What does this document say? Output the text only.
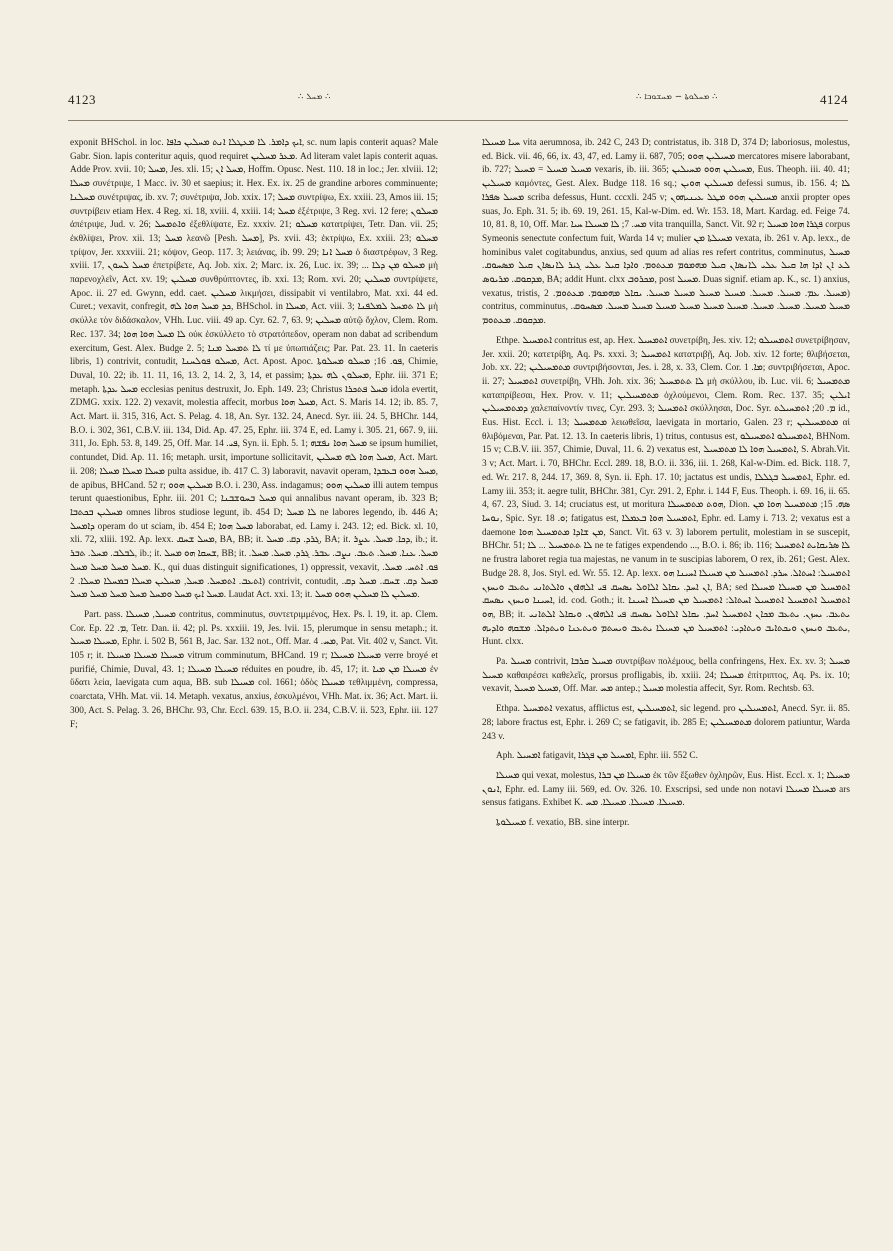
4123	∴ ܡܚܠ ∴	∴ ܡܚܠܘܬܐ − ܡܚܫܘܒܐ ∴	4124

exponit BHSchol. in loc. ܐܝܟ ܕܐܡܪ. ܠܐ ܡܥܛܠܐ ܐܢܬ ܡܚܠܝܢ ܟܐܦܐ, sc. num lapis conterit aquas? Male Gabr. Sion. lapis conteritur aquis, quod requiret ܡܥܪ ܡܚܠܝܢ. Ad literam valet lapis conterit aquas. Adde Prov. xvii. 10; ܡܚܠ, Jes. xli. 15; ܡܚܠ ܐܢ, Hoffm. Opusc. Nest. 110. 18 in loc.; Jer. xlviii. 12; ܡܚܠܐ συνέτριψε, 1 Macc. iv. 30 et saepius; it. Hex. Ex. ix. 25 de grandine arbores comminuente; ܡܚܠܢܐ συνέτριψας, ib. xv. 7; συνέτριψα, Job. xxix. 17; ܡܚܠ συντρίψω, Ex. xxiii. 23, Amos iii. 15; συντρίβειν etiam Hex. 4 Reg. xi. 18, xviii. 4, xxiii. 14; ܡܚܠ ἐξέτριψε, 3 Reg. xvi. 12 fere; ܡܚܠܘܢ ἀπέτριψε, Jud. v. 26; ܘܐܬܡܚܠ ἐξεθλίψατε, Ez. xxxiv. 21; ܡܚܠܘ κατατρίψει, Tetr. Dan. vii. 25; ἐκθλίψει, Prov. xii. 13; ܡܚܠ λεανῶ [Pesh. ܡܚܠ], Ps. xvii. 43; ἐκτρίψω, Ex. xxiii. 23; ܡܚܠܘ τρίψον, Jer. xxxviii. 21; κόψον, Geop. 117. 3; λειάνας, ib. 99. 29; ܡܚܠ ܐܢܐ ὁ διαστρέφων, 3 Reg. xviii. 17, ܡܚܠ ܠܚܘܢ ἐπετρίβετε, Aq. Job. xix. 2; Marc. ix. 26, Luc. ix. 39; ... ܡܚܠܘ ܡܢ ܕܠܐ μὴ παρενοχλεῖν, Act. xv. 19; ܡܚܠܝܢ συνθρύπτοντες, ib. xxi. 13; Rom. xvi. 20; ܡܚܠܝܢ συντρίψετε, Apoc. ii. 27 ed. Gwynn, edd. caet. ܡܚܠܝܢ λικμήσει, dissipabit vi ventilabro, Mat. xxi. 44 ed. Curet.; vexavit, confregit, ܟܕ ܡܚܠ ܗܘܐ ܠܗ, BHSchol. in ܡܚܠܐ, Act. viii. 3; ܠܐ ܬܡܚܠ ܠܡܠܦܢܐ μὴ σκύλλε τὸν διδάσκαλον, VHh. Luc. viii. 49 ap. Cyr. 62. 7, 63. 9; ܡܚܠܝܢ αὐτῷ ὄχλον, Clem. Rom. Rec. 137. 34; ܠܐ ܡܚܠ ܗܘܐ ܗܘܐ οὐκ ἐσκύλλετο τὸ στρατόπεδον, operam non dabat ad scribendum exercitum, Gest. Alex. Budge 2. 5; ܠܐ ܬܡܚܠ ܡܢܐ τί με ὑπωπιάζεις; Par. Pat. 23. 11. In caeteris libris, 1) contrivit, contudit, ܡܚܠܘ ܦܘܠܚܢܐ, Act. Apost. Apoc. ܦܘ. 16; ܡܚܠܘ ܡܚܠܘܬܐ, Chimie, Duval, 10. 22; ib. 11. 11, 16, 13. 2, 14. 2, 3, 14, et passim; ܡܚܠܘܢ ܠܗ ܥܕܬܐ, Ephr. iii. 371 E; metaph. ܡܚܠ ܥܕܬܐ ecclesias penitus destruxit, Jo. Eph. 149. 23; Christus ܡܚܠ ܦܬܟܪܐ idola evertit, ZDMG. xxix. 122. 2) vexavit, molestia affecit, morbus ܡܚܠ ܗܘܐ, Act. S. Maris 14. 12; ib. 85. 7, Act. Mart. ii. 315, 316, Act. S. Pelag. 4. 18, An. Syr. 132. 24, Anecd. Syr. iii. 24. 5, BHChr. 144, B.O. i. 302, 361, C.B.V. iii. 134, Did. Ap. 47. 25, Ephr. iii. 374 E, ed. Lamy i. 305. 21, 667. 9, iii. 311, Jo. Eph. 53. 8, 149. 25, Off. Mar. ܦܝ. 14, Syn. ii. Eph. 5. 1; ܡܚܠ ܗܘܐ ܢܦܫܗ se ipsum humiliet, contundet, Did. Ap. 11. 16; metaph. ursit, importune sollicitavit, ܡܚܠ ܗܘܐ ܠܗ ܡܚܠܝܢ, Act. Mart. ii. 208; ܡܚܠܐ ܡܚܠܐ ܡܚܠܐ pulta assidue, ib. 417 C. 3) laboravit, navavit operam, ܡܚܠ ܗܘܘ ܒܥܒܕܐ, de apibus, BHCand. 52 r; ܡܚܠܝܢ ܗܘܘ B.O. i. 230, Ass. indagamus; ܡܚܠܝܢ ܗܘܘ illi autem tempus terunt quaestionibus, Ephr. iii. 201 C; ܡܚܠ ܒܚܘܫܒܢܐ qui annalibus navant operam, ib. 323 B; ܡܚܠܝܢ ܒܟܬܒܐ omnes libros studiose legunt, ib. 454 D; ܠܐ ܡܚܠ ne labores legendo, ib. 446 A; ܕܐܡܚܠ operam do ut sciam, ib. 454 E; ܡܚܠ ܗܘܐ laborabat, ed. Lamy i. 243. 12; ed. Bick. xl. 10, xli. 72, xliii. 192. Ap. lexx. ܡܚܠ ܫܚܩ, BA, BB; it. ܓܪܕ. ܕܩ. ܡܚܠ, BA; it. ܕܟܐ. ܡܚܠ. ܥܨܪ, ib.; it. ܠܒܠܒ. ܡܚܠ. ܬܒܪ, ib.; it. ܫܚܩܐ ܗܘ ܡܚܠ, BB; it. ܡܚܠ. ܥܢܐ. ܡܚܠ. ܬܥܒ. ܢܨܒ. ܥܒܪ. ܓܪܕ. ܡܚܠ. ܡܚܠ. ܡܚܠ ܡܚܠ ܡܚܠ ܡܚܠ. K., qui duas distinguit significationes, 1) oppressit, vexavit, ܦܘ. ܐܬܚ. ܡܚܠ. ܐܬܥܒ. ܐܬܡܚܠ. ܡܚܠ, ܡܚܠܝܢ ܡܚܠܐ ܒܡܚܠܐ ܡܚܠܐ. 2) contrivit, contudit, ܡܚܠ ܕܩ. ܫܚܩ. ܡܚܠ ܕܩ. ܡܚܠ ܐܝܟ ܡܚܠ ܘܡܚܠ ܡܚܠ ܡܚܠ ܡܚܠ ܡܚܠ. Laudat Act. xxi. 13; it. ܡܚܠܝܢ ܠܐ ܡܚܠܝܢ ܗܘܘ ܡܚܠ.

Part. pass. ܡܚܝܠ, ܡܚܝܠܐ contritus, comminutus, συντετριμμένος, Hex. Ps. l. 19, it. ap. Clem. Cor. Ep. ܡ. 22, Tetr. Dan. ii. 42; pl. Ps. xxxiii. 19, Jes. lvii. 15, plerumque in sensu metaph.; it. ܡܚܝܠܐ ܡܚܝܠ, Ephr. i. 502 B, 561 B, Jac. Sar. 132 not., Off. Mar. ܡܚ. 4, Pat. Vit. 402 v, Sanct. Vit. 105 r; it. ܡܚܝܠܐ ܡܚܝܠܐ ܡܚܝܠܐ vitrum comminutum, BHCand. 19 r; ܡܚܝܠܐ ܡܚܝܠܐ verre broyé et purifié, Chimie, Duval, 43. 1; ܡܚܝܠܐ ܡܚܝܠܐ réduites en poudre, ib. 45, 17; it. ܡܚܝܠܐ ܡܢ ܡܝܐ ἐν ὕδατι λεία, laevigata cum aqua, BB. sub ܡܚܝܠܐ col. 1661; ὁδὸς ܡܚܝܠܐ τεθλιμμένη, compressa, coarctata, VHh. Mat. vii. 14. Metaph. vexatus, anxius, ἐσκυλμένοι, VHh. Mat. ix. 36; Act. Mart. ii. 300, Act. S. Pelag. 3. 26, BHChr. 93, Chr. Eccl. 639. 15, B.O. ii. 234, C.B.V. ii. 523, Ephr. iii. 127 F;

ܚܝܐ ܡܚܝܠܐ vita aerumnosa, ib. 242 C, 243 D; contristatus, ib. 318 D, 374 D; laboriosus, molestus, ed. Bick. vii. 46, 66, ix. 43, 47, ed. Lamy ii. 687, 705; ܡܚܝܠܝܢ ܗܘܘ mercatores misere laborabant, ib. 727; ܡܚܝܠ ܡܚܝܠ = ܡܚܝܠ vexaris, ib. iii. 365; ܡܚܝܠܝܢ ܗܘܘ ܡܚܝܠܝܢ, Eus. Theoph. iii. 40. 41; ܡܚܝܠܝܢ καμόντες, Gest. Alex. Budge 118. 16 sq.; ܡܚܝܠܝܢ ܗܘܝܢ defessi sumus, ib. 156. 4; ܠܐ ܡܚܝܠ ܣܦܪܐ scriba defessus, Hunt. cccxli. 245 v; ܡܚܝܠܝܢ ܗܘܘ ܡܛܠ ܥܝܢܝܗܘܢ anxii propter opes suas, Jo. Eph. 31. 5; ib. 69. 19, 261. 15, Kal-w-Dim. ed. Wr. 153. 18, Mart. Kardag. ed. Feige 74. 10, 81. 8, 10, Off. Mar. ܡܚ. 7; ܠܐ ܡܚܝܠܐ ܚܝܐ vita tranquilla, Sanct. Vit. 92 r; ܦܓܪܐ ܗܘܐ ܡܚܝܠ corpus Symeonis senectute confectum fuit, Warda 14 v; mulier ܡܚܝܠܬܐ ܡܢ vexata, ib. 261 v. Ap. lexx., de hominibus valet cogitabundus, anxius, sed quum ad alias res refert contritus, comminutus, ܡܚܝܠ ܠܥ ܐܢ ܐܕܐ ܗܐ ܩܝܠ ܥܠܝ ܠܐܢܣܐܢ ܩܝܠ ܡܗܡܘܡ ܡܥܬܘܡ. ܘܐܕܐ ܩܝܠ ܥܠܝ ܓܝܪ ܠܐܢܣܐܢ ܩܝܠ ܡܣܚܘܩ. ܡܕܩܘܩ. ܡܪܝܘܣ, BA; addit Hunt. clxx ܡܟܪܘܒ, post ܡܚܝܠ. Duas signif. etiam ap. K., sc. 1) anxius, vexatus, tristis, ܡܚܝܠ. ܥܡ. ܡܚܝܠ. ܡܚܝܠ. ܡܚܝܠ ܡܚܝܠ ܡܚܝܠ ܡܚܝܠ. ܝܩܐܠ ܡܗܡܘܡ. ܡܥܬܘܡ. 2) contritus, comminutus, ܡܚܝܠ ܡܚܝܠ. ܡܚܝܠ. ܡܚܝܠ. ܡܚܝܠ ܡܚܝܠ ܡܚܝܠ ܡܚܝܠ ܡܚܝܠ ܡܚܝܠ. ܡܣܚܘܩ. ܡܕܩܘܩ. ܡܥܬܘܡ.

Ethpe. ܐܬܡܚܝܠ contritus est, ap. Hex. ܐܬܡܚܝܠ συνετρίβη, Jes. xiv. 12; ܐܬܡܚܝܠܘ συνετρίβησαν, Jer. xxii. 20; κατετρίβη, Aq. Ps. xxxi. 3; ܐܬܡܚܝܠ κατατριβῇ, Aq. Job. xiv. 12 forte; θλιβήσεται, Job. xx. 22; ܡܬܡܚܝܠܝܢ συντριβήσονται, Jes. i. 28, x. 33, Clem. Cor. ܡܐ. 1; συντριβήσεται, Apoc. ii. 27; ܐܬܡܚܝܠ συνετρίβη, VHh. Joh. xix. 36; ܠܐ ܬܬܡܚܝܠ μὴ σκύλλου, ib. Luc. vii. 6; ܡܬܡܚܝܠ καταπρίβεσαι, Hex. Prov. v. 11; ܡܬܡܚܝܠܝܢ ὀχλούμενοι, Clem. Rom. Rec. 137. 35; ܐܝܠܝܢ ܕܡܬܡܚܝܠܝܢ χαλεπαίνοντίν τινες, Cyr. 293. 3; ܐܬܡܚܝܠ σκύλλησαι, Doc. Syr. ܡ. 20; ܐܬܡܚܝܠܬ id., Eus. Hist. Eccl. i. 13; ܡܬܡܚܝܠ λειωθεῖσα, laevigata in mortario, Galen. 23 r; ܡܬܡܚܝܠܝܢ αἱ θλιβόμεναι, Par. Pat. 12. 13. In caeteris libris, 1) tritus, contusus est, ܐܬܡܚܝܠܘ ܐܬܡܚܝܠܘ, BHNom. 15 v; C.B.V. iii. 357, Chimie, Duval, 11. 6. 2) vexatus est, ܐܬܡܚܝܠ ܗܘܐ ܠܐ ܡܬܡܚܝܠ, S. Abrah.Vit. 3 v; Act. Mart. i. 70, BHChr. Eccl. 289. 18, B.O. ii. 336, iii. 1. 268, Kal-w-Dim. ed. Bick. 118. 7, ed. Wr. 217. 8, 244. 17, 369. 8, Syn. ii. Eph. 17. 10; jactatus est undis, ܐܬܡܚܝܠ ܒܓܠܠܐ, Ephr. ed. Lamy iii. 353; it. aegre tulit, BHChr. 381, Cyr. 291. 2, Ephr. i. 144 F, Eus. Theoph. i. 69. 16, ii. 65. 4, 67. 23, Siud. 3. 14; cruciatus est, ut moritura ܗܘܬ ܡܬܡܚܝܠܐ, Dion. ܣܗ. 15; ܡܬܡܚܝܠ ܗܘܐ ܡܢ ܢܘܚܐ, Spic. Syr. ܘ. 18; fatigatus est, ܐܬܡܚܝܠ ܗܘܐ ܒܥܡܠܐ, Ephr. ed. Lamy i. 713. 2; vexatus est a daemone ܡܢ ܫܐܕܐ ܡܬܡܚܝܠ ܗܘܐ, Sanct. Vit. 63 v. 3) laborem pertulit, molestiam in se suscepit, BHChr. 51; ܠܐ ܬܬܡܚܝܠ ... ܠܐ ne te fatiges expendendo ..., B.O. i. 86; ib. 116; ܠܐ ܣܪܝܩܐܝܬ ܐܬܡܚܝܠ ne frustra laboret regia tua majestas, ne vanum in te suscipias laborem, O rex, ib. 261; Gest. Alex. Budge 28. 8, Jos. Styl. ed. Wr. 55. 12. Ap. lexx. ܐܬܡܚܝܠ: ܐܚܬܐܠ. ܚܪܕ. ܐܬܡܚܝܠ ܡܢ ܡܚܝܠܐ ܐܚܝܢܐ ܗܘ ܐܢ ܐܚܕ. ܝܩܐܠ ܐܠܐܘܠ ܝܣܚܩ ܦܝ ܐܠܗܐܘܢ ܘܐܠܬܐܢܝ ܝܬܥܒ ܘܝܚܙܢ, BA; sed ܐܬܡܚܝܠ ܡܢ ܡܚܝܠܐ ܡܚܝܠܐ ܐܚܝܢܐ ܘܝܚܙܢ ܝܣܚܩ, id. cod. Goth.; it. ܐܬܡܚܝܠ ܐܬܡܚܝܠ ܐܬܡܚܝܠ ܐܚܬܐܠ: ܐܬܡܚܝܠ ܡܢ ܡܚܝܠܐ ܐܚܝܢܐ ܗܘ, BB; it. ܝܬܥܒ. ܝܚܙܢ. ܝܬܥܒ ܡܟܐܢ ܐܬܡܚܝܠ ܐܚܕ. ܝܩܐܠ ܐܠܐܘܠ ܝܣܚܩ ܦܝ ܐܠܗܐܘܢ. ܘܝܩܐܠ ܐܠܬܐܢܝ ܝܬܥܒ ܘܝܚܙܢ ܘܝܟܬܐܝܒ ܘܝܬܐܕܝ: ܐܬܡܚܝܠ ܡܢ ܡܚܝܠܐ ܝܬܥܒ ܘܝܚܬܡ ܘܝܬܥܢܐ ܘܝܬܕܐܠ. ܡܫܩܗ ܘܐܕܝܗ, Hunt. clxx.

Pa. ܡܚܝܠ contrivit, ܡܚܝܠ ܩܪܒܐ συντρίβων πολέμους, bella confringens, Hex. Ex. xv. 3; ܡܚܝܠ ܡܚܝܠ καθαιρέσει καθελεῖς, prorsus profligabis, ib. xxiii. 24; ܡܚܝܠܐ ἐπίτριπτος, Aq. Ps. ix. 10; vexavit, ܡܚܝܠ ܡܚܝܠ, Off. Mar. ܡܚ antep.; ܡܚܝܠ molestia affecit, Syr. Rom. Rechtsb. 63.

Ethpa. ܐܬܡܚܝܠ vexatus, afflictus est, ܐܬܡܚܝܠܝܢ, sic legend. pro ܐܬܡܚܝܠܝܢ, Anecd. Syr. ii. 85. 28; labore fractus est, Ephr. i. 269 C; se fatigavit, ib. 285 E; ܡܬܡܚܝܠܝܢ dolorem patiuntur, Warda 243 v.

Aph. ܐܡܚܝܠ fatigavit, ܐܡܚܝܠ ܡܢ ܦܓܪܐ, Ephr. iii. 552 C.

ܡܚܝܠܐ qui vexat, molestus, ܡܚܝܠܐ ܡܢ ܒܪܐ ἐκ τῶν ἔξωθεν ὀχληρῶν, Eus. Hist. Eccl. x. 1; ܡܚܝܠܐ ܐܢܘܢ, Ephr. ed. Lamy iii. 569, ed. Ov. 326. 10. Exscripsi, sed unde non notavi ܡܚܝܠܐ ܡܚܝܠܐ ars sensus fatigans. Exhibet K. ܡܚܝܠܐ. ܡܚܝܠܐ. ܡܚܝܠܐ. ܡܚ.

ܡܚܝܠܘܬܐ f. vexatio, BB. sine interpr.
